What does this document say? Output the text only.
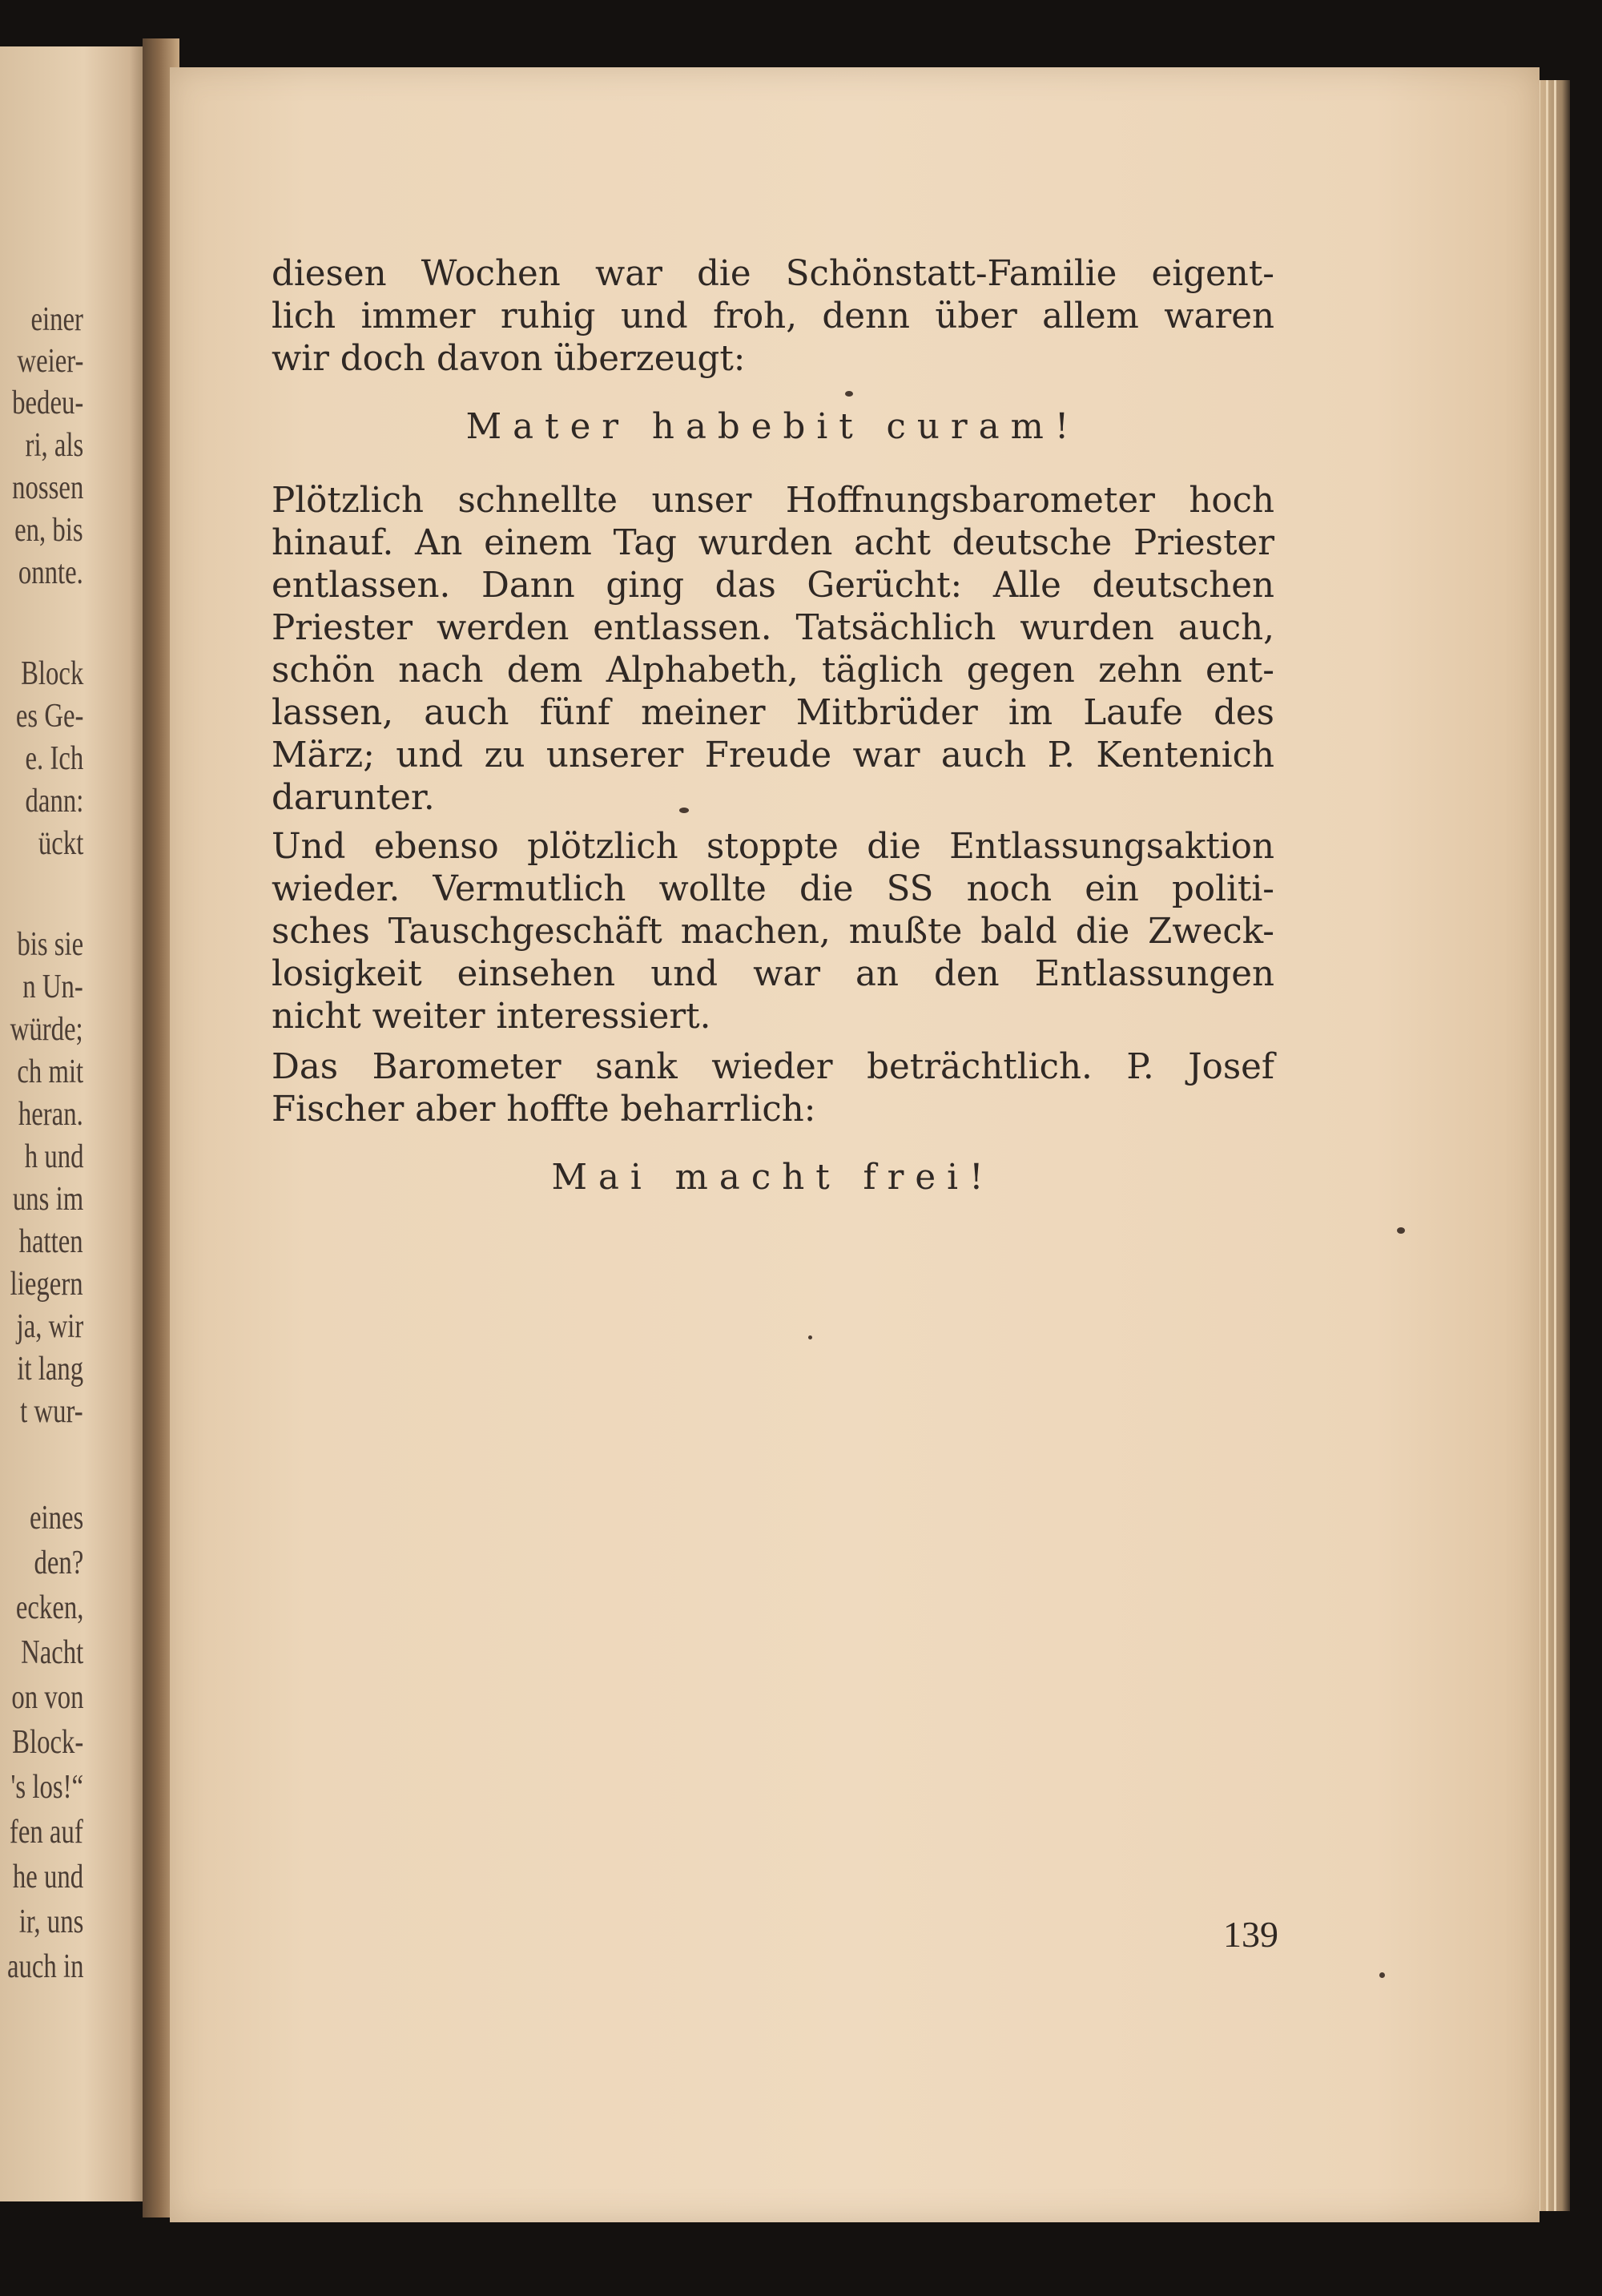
einer

weier-

bedeu-

ri, als

nossen

en, bis

onnte.

Block

es Ge-

e. Ich

dann:

ückt

bis sie

n Un-

würde;

ch mit

heran.

h und

uns im

hatten

liegern

ja, wir

it lang

t wur-

eines

den?

ecken,

Nacht

on von

Block-

's los!“

fen auf

he und

ir, uns

auch in

diesen Wochen war die Schönstatt-Familie eigent-

lich immer ruhig und froh, denn über allem waren

wir doch davon überzeugt:

Mater habebit curam!

Plötzlich schnellte unser Hoffnungsbarometer hoch

hinauf. An einem Tag wurden acht deutsche Priester

entlassen. Dann ging das Gerücht: Alle deutschen

Priester werden entlassen. Tatsächlich wurden auch,

schön nach dem Alphabeth, täglich gegen zehn ent-

lassen, auch fünf meiner Mitbrüder im Laufe des

März; und zu unserer Freude war auch P. Kentenich

darunter.

Und ebenso plötzlich stoppte die Entlassungsaktion

wieder. Vermutlich wollte die SS noch ein politi-

sches Tauschgeschäft machen, mußte bald die Zweck-

losigkeit einsehen und war an den Entlassungen

nicht weiter interessiert.

Das Barometer sank wieder beträchtlich. P. Josef

Fischer aber hoffte beharrlich:

Mai macht frei!

139
